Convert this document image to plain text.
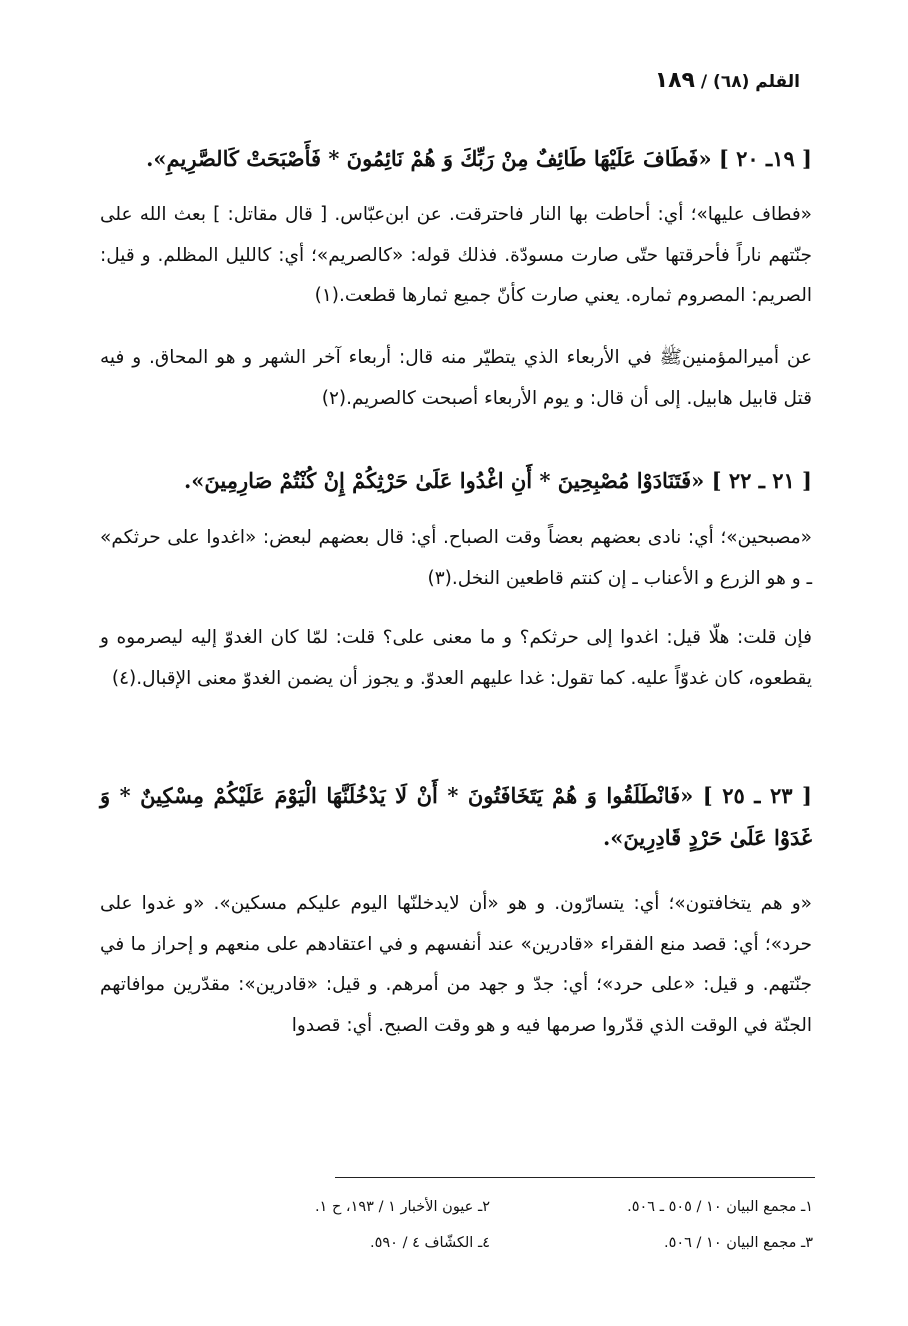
القلم (٦٨) / ١٨٩
[ ١٩ـ ٢٠ ] «فَطَافَ عَلَيْهَا طَائِفٌ مِنْ رَبِّكَ وَ هُمْ نَائِمُونَ * فَأَصْبَحَتْ كَالصَّرِيمِ».
«فطاف عليها»؛ أي: أحاطت بها النار فاحترقت. عن ابن‌عبّاس. [ قال مقاتل: ] بعث الله على جنّتهم ناراً فأحرقتها حتّى صارت مسودّة. فذلك قوله: «كالصريم»؛ أي: كالليل المظلم. و قيل: الصريم: المصروم ثماره. يعني صارت كأنّ جميع ثمارها قطعت.(١)
عن أميرالمؤمنين‌ﷺ في الأربعاء الذي يتطيّر منه قال: أربعاء آخر الشهر و هو المحاق. و فيه قتل قابيل هابيل. إلى أن قال: و يوم الأربعاء أصبحت كالصريم.(٢)
[ ٢١ ـ ٢٢ ] «فَتَنَادَوْا مُصْبِحِينَ * أَنِ اغْدُوا عَلَىٰ حَرْثِكُمْ إِنْ كُنْتُمْ صَارِمِينَ».
«مصبحين»؛ أي: نادى بعضهم بعضاً وقت الصباح. أي: قال بعضهم لبعض: «اغدوا على حرثكم» ـ و هو الزرع و الأعناب ـ إن كنتم قاطعين النخل.(٣)
فإن قلت: هلّا قيل: اغدوا إلى حرثكم؟ و ما معنى على؟ قلت: لمّا كان الغدوّ إليه ليصرموه و يقطعوه، كان غدوّاً عليه. كما تقول: غدا عليهم العدوّ. و يجوز أن يضمن الغدوّ معنى الإقبال.(٤)
[ ٢٣ ـ ٢٥ ] «فَانْطَلَقُوا وَ هُمْ يَتَخَافَتُونَ * أَنْ لَا يَدْخُلَنَّهَا الْيَوْمَ عَلَيْكُمْ مِسْكِينٌ * وَ غَدَوْا عَلَىٰ حَرْدٍ قَادِرِينَ».
«و هم يتخافتون»؛ أي: يتسارّون. و هو «أن لايدخلنّها اليوم عليكم مسكين». «و غدوا على حرد»؛ أي: قصد منع الفقراء «قادرين» عند أنفسهم و في اعتقادهم على منعهم و إحراز ما في جنّتهم. و قيل: «على حرد»؛ أي: جدّ و جهد من أمرهم. و قيل: «قادرين»: مقدّرين موافاتهم الجنّة في الوقت الذي قدّروا صرمها فيه و هو وقت الصبح. أي: قصدوا
١ـ مجمع البيان ١٠ / ٥٠٥ ـ ٥٠٦.
٢ـ عيون الأخبار ١ / ١٩٣، ح ١.
٣ـ مجمع البيان ١٠ / ٥٠٦.
٤ـ الكشّاف ٤ / ٥٩٠.
